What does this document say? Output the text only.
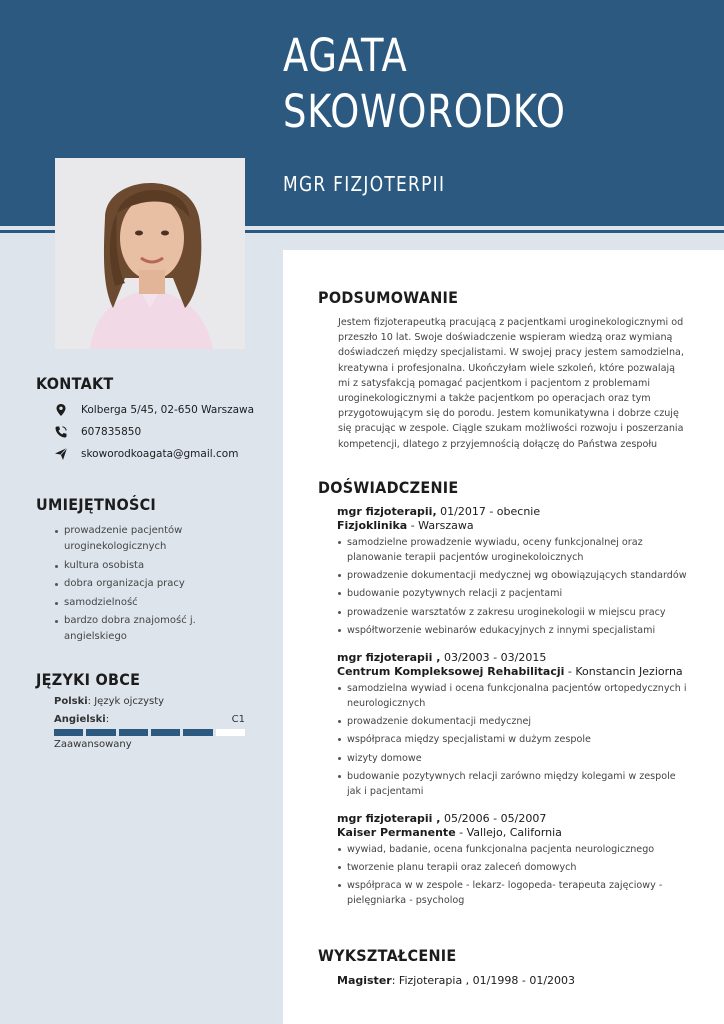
AGATA
SKOWORODKO
MGR FIZJOTERPII
KONTAKT
Kolberga 5/45, 02-650 Warszawa
607835850
skoworodkoagata@gmail.com
UMIEJĘTNOŚCI
prowadzenie pacjentów uroginekologicznych
kultura osobista
dobra organizacja pracy
samodzielność
bardzo dobra znajomość j. angielskiego
JĘZYKI OBCE
Polski: Język ojczysty
Angielski:	C1
Zaawansowany
PODSUMOWANIE
Jestem fizjoterapeutką pracującą z pacjentkami uroginekologicznymi od przeszło 10 lat. Swoje doświadczenie wspieram wiedzą oraz wymianą doświadczeń między specjalistami. W swojej pracy jestem samodzielna, kreatywna i profesjonalna. Ukończyłam wiele szkoleń, które pozwalają mi z satysfakcją pomagać pacjentkom i pacjentom z problemami uroginekologicznymi a także pacjentkom po operacjach oraz tym przygotowującym się do porodu. Jestem komunikatywna i dobrze czuję się pracując w zespole. Ciągle szukam możliwości rozwoju i poszerzania kompetencji, dlatego z przyjemnością dołączę do Państwa zespołu
DOŚWIADCZENIE
mgr fizjoterapii, 01/2017 - obecnie
Fizjoklinika - Warszawa
samodzielne prowadzenie wywiadu, oceny funkcjonalnej oraz planowanie terapii pacjentów uroginekoloicznych
prowadzenie dokumentacji medycznej wg obowiązujących standardów
budowanie pozytywnych relacji z pacjentami
prowadzenie warsztatów z zakresu uroginekologii w miejscu pracy
współtworzenie webinarów edukacyjnych z innymi specjalistami
mgr fizjoterapii , 03/2003 - 03/2015
Centrum Kompleksowej Rehabilitacji - Konstancin Jeziorna
samodzielna wywiad i ocena funkcjonalna pacjentów ortopedycznych i neurologicznych
prowadzenie dokumentacji medycznej
współpraca między specjalistami w dużym zespole
wizyty domowe
budowanie pozytywnych relacji zarówno między kolegami w zespole jak i pacjentami
mgr fizjoterapii , 05/2006 - 05/2007
Kaiser Permanente - Vallejo, California
wywiad, badanie, ocena funkcjonalna pacjenta neurologicznego
tworzenie planu terapii oraz zaleceń domowych
współpraca w w zespole - lekarz- logopeda- terapeuta zajęciowy - pielęgniarka - psycholog
WYKSZTAŁCENIE
Magister: Fizjoterapia , 01/1998 - 01/2003
